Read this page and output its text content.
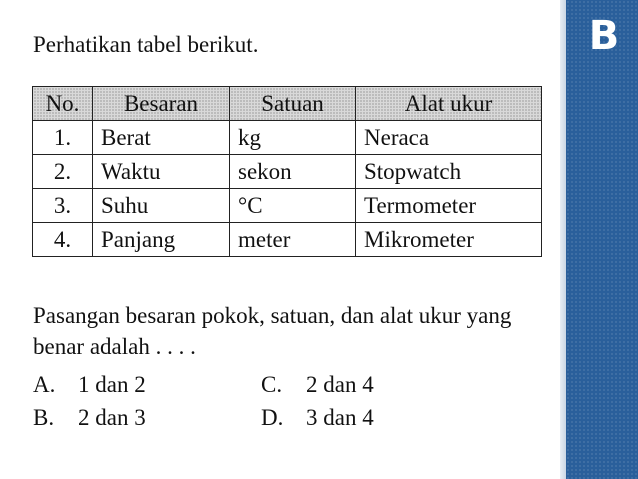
B
Perhatikan tabel berikut.
No.	Besaran	Satuan	Alat ukur
1.	Berat	kg	Neraca
2.	Waktu	sekon	Stopwatch
3.	Suhu	°C	Termometer
4.	Panjang	meter	Mikrometer
Pasangan besaran pokok, satuan, dan alat ukur yang benar adalah . . . .
A. 1 dan 2	C. 2 dan 4
B. 2 dan 3	D. 3 dan 4
